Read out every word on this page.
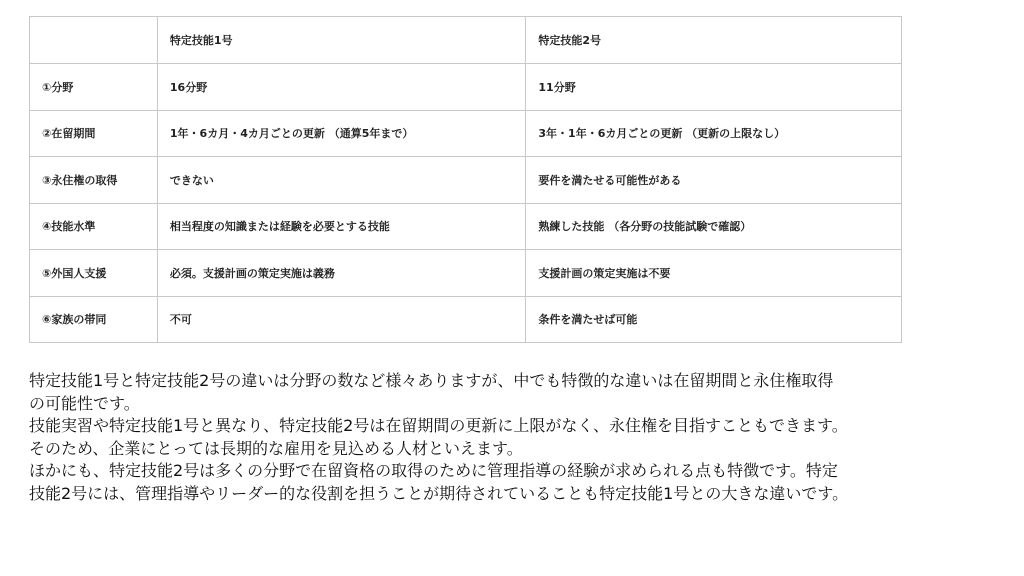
	特定技能1号	特定技能2号
①分野	16分野	11分野
②在留期間	1年・6カ月・4カ月ごとの更新 （通算5年まで）	3年・1年・6カ月ごとの更新 （更新の上限なし）
③永住権の取得	できない	要件を満たせる可能性がある
④技能水準	相当程度の知識または経験を必要とする技能	熟練した技能 （各分野の技能試験で確認）
⑤外国人支援	必須。支援計画の策定実施は義務	支援計画の策定実施は不要
⑥家族の帯同	不可	条件を満たせば可能
特定技能1号と特定技能2号の違いは分野の数など様々ありますが、中でも特徴的な違いは在留期間と永住権取得
の可能性です。
技能実習や特定技能1号と異なり、特定技能2号は在留期間の更新に上限がなく、永住権を目指すこともできます。
そのため、企業にとっては長期的な雇用を見込める人材といえます。
ほかにも、特定技能2号は多くの分野で在留資格の取得のために管理指導の経験が求められる点も特徴です。特定
技能2号には、管理指導やリーダー的な役割を担うことが期待されていることも特定技能1号との大きな違いです。
